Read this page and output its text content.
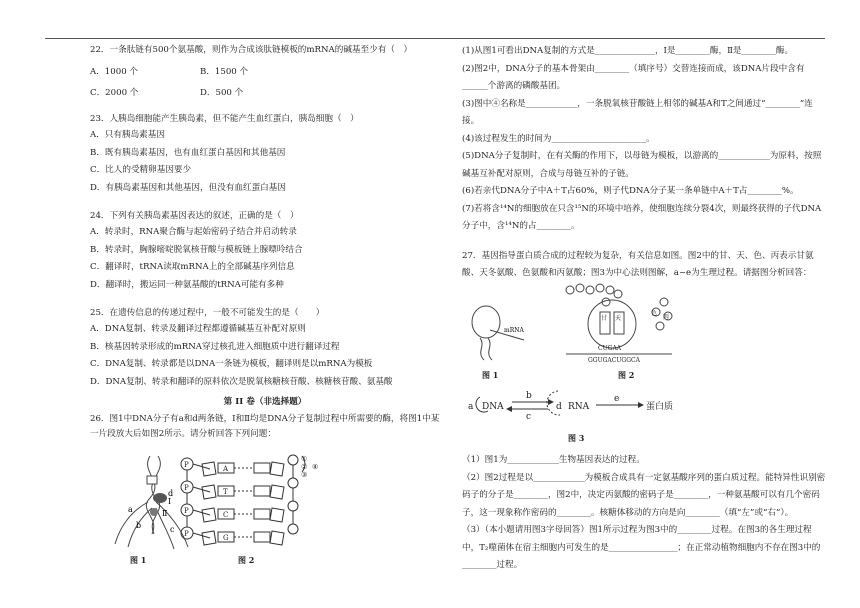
22．一条肽链有500个氨基酸，则作为合成该肽链模板的mRNA的碱基至少有（　）

A．1000 个	B．1500 个
C．2000 个	D．500 个

23．人胰岛细胞能产生胰岛素，但不能产生血红蛋白，胰岛细胞（　）

A．只有胰岛素基因

B．既有胰岛素基因，也有血红蛋白基因和其他基因

C．比人的受精卵基因要少

D．有胰岛素基因和其他基因，但没有血红蛋白基因

24．下列有关胰岛素基因表达的叙述，正确的是（　）

A．转录时，RNA聚合酶与起始密码子结合并启动转录

B．转录时，胸腺嘧啶脱氧核苷酸与模板链上腺嘌呤结合

C．翻译时，tRNA读取mRNA上的全部碱基序列信息

D．翻译时，搬运同一种氨基酸的tRNA可能有多种

25．在遗传信息的传递过程中，一般不可能发生的是（　　）

A．DNA复制、转录及翻译过程都遵循碱基互补配对原则

B．核基因转录形成的mRNA穿过核孔进入细胞质中进行翻译过程

C．DNA复制、转录都是以DNA一条链为模板，翻译则是以mRNA为模板

D．DNA复制、转录和翻译的原料依次是脱氧核糖核苷酸、核糖核苷酸、氨基酸

第 II 卷（非选择题）

26．图1中DNA分子有a和d两条链，Ⅰ和Ⅱ均是DNA分子复制过程中所需要的酶，将图1中某一片段放大后如图2所示。请分析回答下列问题：

a
d
Ⅰ
Ⅱ
b	c
图 1
P
P
P
P
A
T
C
G
①
②
③
④
图 2

(1)从图1可看出DNA复制的方式是______________，Ⅰ是________酶，Ⅱ是________酶。

(2)图2中，DNA分子的基本骨架由________（填序号）交替连接而成，该DNA片段中含有______个游离的磷酸基团。

(3)图中④名称是____________，一条脱氧核苷酸链上相邻的碱基A和T之间通过“________”连接。

(4)该过程发生的时间为______________________。

(5)DNA分子复制时，在有关酶的作用下，以母链为模板，以游离的____________为原料，按照碱基互补配对原则，合成与母链互补的子链。

(6)若亲代DNA分子中A＋T占60%，则子代DNA分子某一条单链中A＋T占________%。

(7)若将含¹⁴N的细胞放在只含¹⁵N的环境中培养，使细胞连续分裂4次，则最终获得的子代DNA分子中，含¹⁴N的占________。

27．基因指导蛋白质合成的过程较为复杂，有关信息如图。图2中的甘、天、色、丙表示甘氨酸、天冬氨酸、色氨酸和丙氨酸；图3为中心法则图解，a~e为生理过程。请据图分析回答：

mRNA
图 1
甘 天
色
丙
CUGAA
GGUGACUGGCA
图 2
a DNA
b
c
d RNA
e
蛋白质
图 3

（1）图1为____________生物基因表达的过程。

（2）图2过程是以____________为模板合成具有一定氨基酸序列的蛋白质过程。能特异性识别密码子的分子是________，图2中，决定丙氨酸的密码子是________，一种氨基酸可以有几个密码子，这一现象称作密码的________。核糖体移动的方向是向________（填“左”或“右”）。

（3）（本小题请用图3字母回答）图1所示过程为图3中的________过程。在图3的各生理过程中，T₂噬菌体在宿主细胞内可发生的是________________；在正常动植物细胞内不存在图3中的________过程。
